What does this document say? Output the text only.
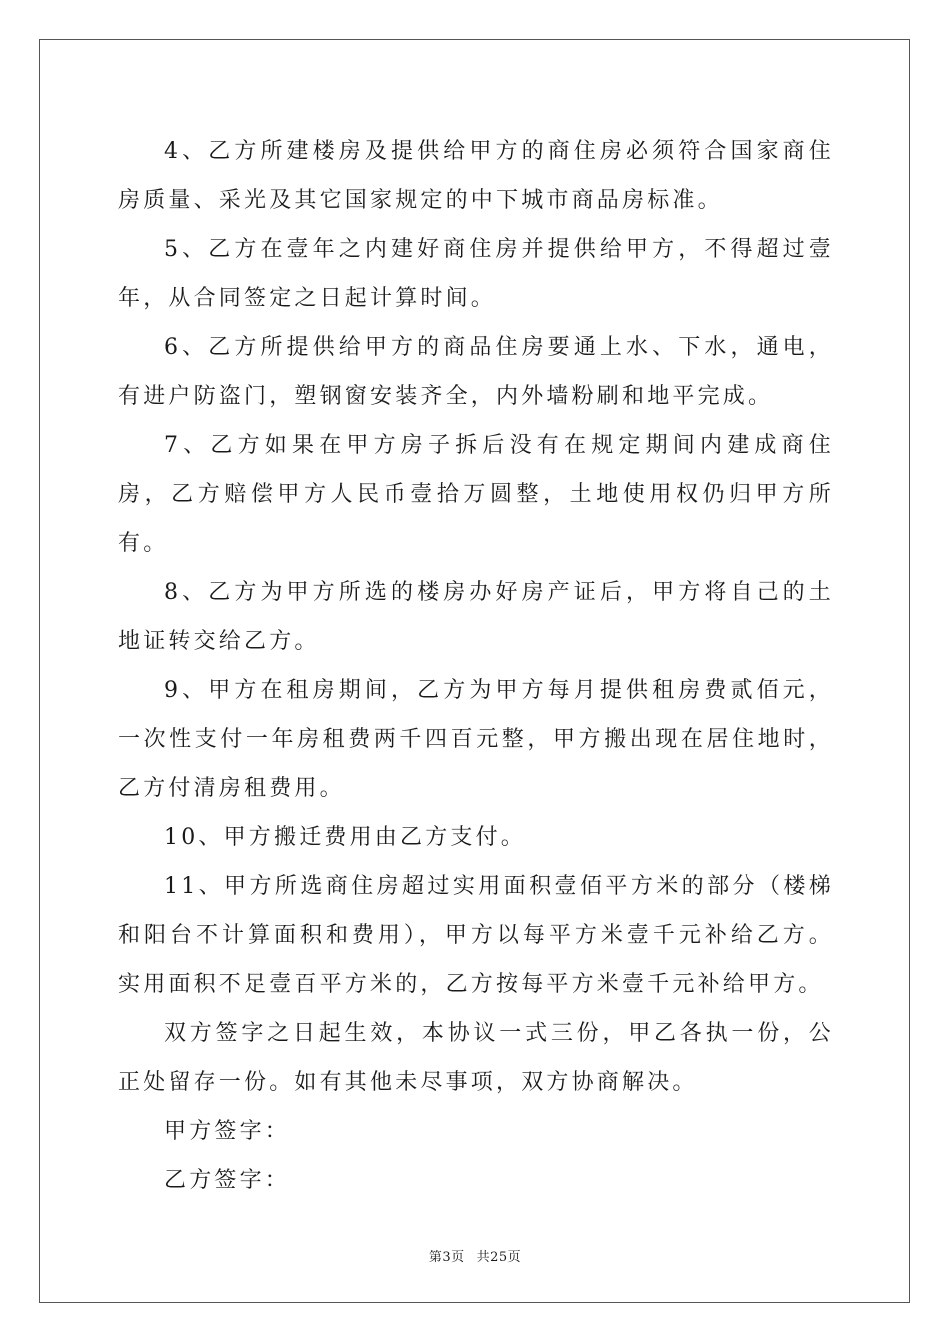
4、乙方所建楼房及提供给甲方的商住房必须符合国家商住房质量、采光及其它国家规定的中下城市商品房标准。

5、乙方在壹年之内建好商住房并提供给甲方，不得超过壹年，从合同签定之日起计算时间。

6、乙方所提供给甲方的商品住房要通上水、下水，通电，有进户防盗门，塑钢窗安装齐全，内外墙粉刷和地平完成。

7、乙方如果在甲方房子拆后没有在规定期间内建成商住房，乙方赔偿甲方人民币壹拾万圆整，土地使用权仍归甲方所有。

8、乙方为甲方所选的楼房办好房产证后，甲方将自己的土地证转交给乙方。

9、甲方在租房期间，乙方为甲方每月提供租房费贰佰元，一次性支付一年房租费两千四百元整，甲方搬出现在居住地时，乙方付清房租费用。

10、甲方搬迁费用由乙方支付。

11、甲方所选商住房超过实用面积壹佰平方米的部分（楼梯和阳台不计算面积和费用），甲方以每平方米壹千元补给乙方。实用面积不足壹百平方米的，乙方按每平方米壹千元补给甲方。

双方签字之日起生效，本协议一式三份，甲乙各执一份，公正处留存一份。如有其他未尽事项，双方协商解决。

甲方签字：

乙方签字：

第3页 共25页
